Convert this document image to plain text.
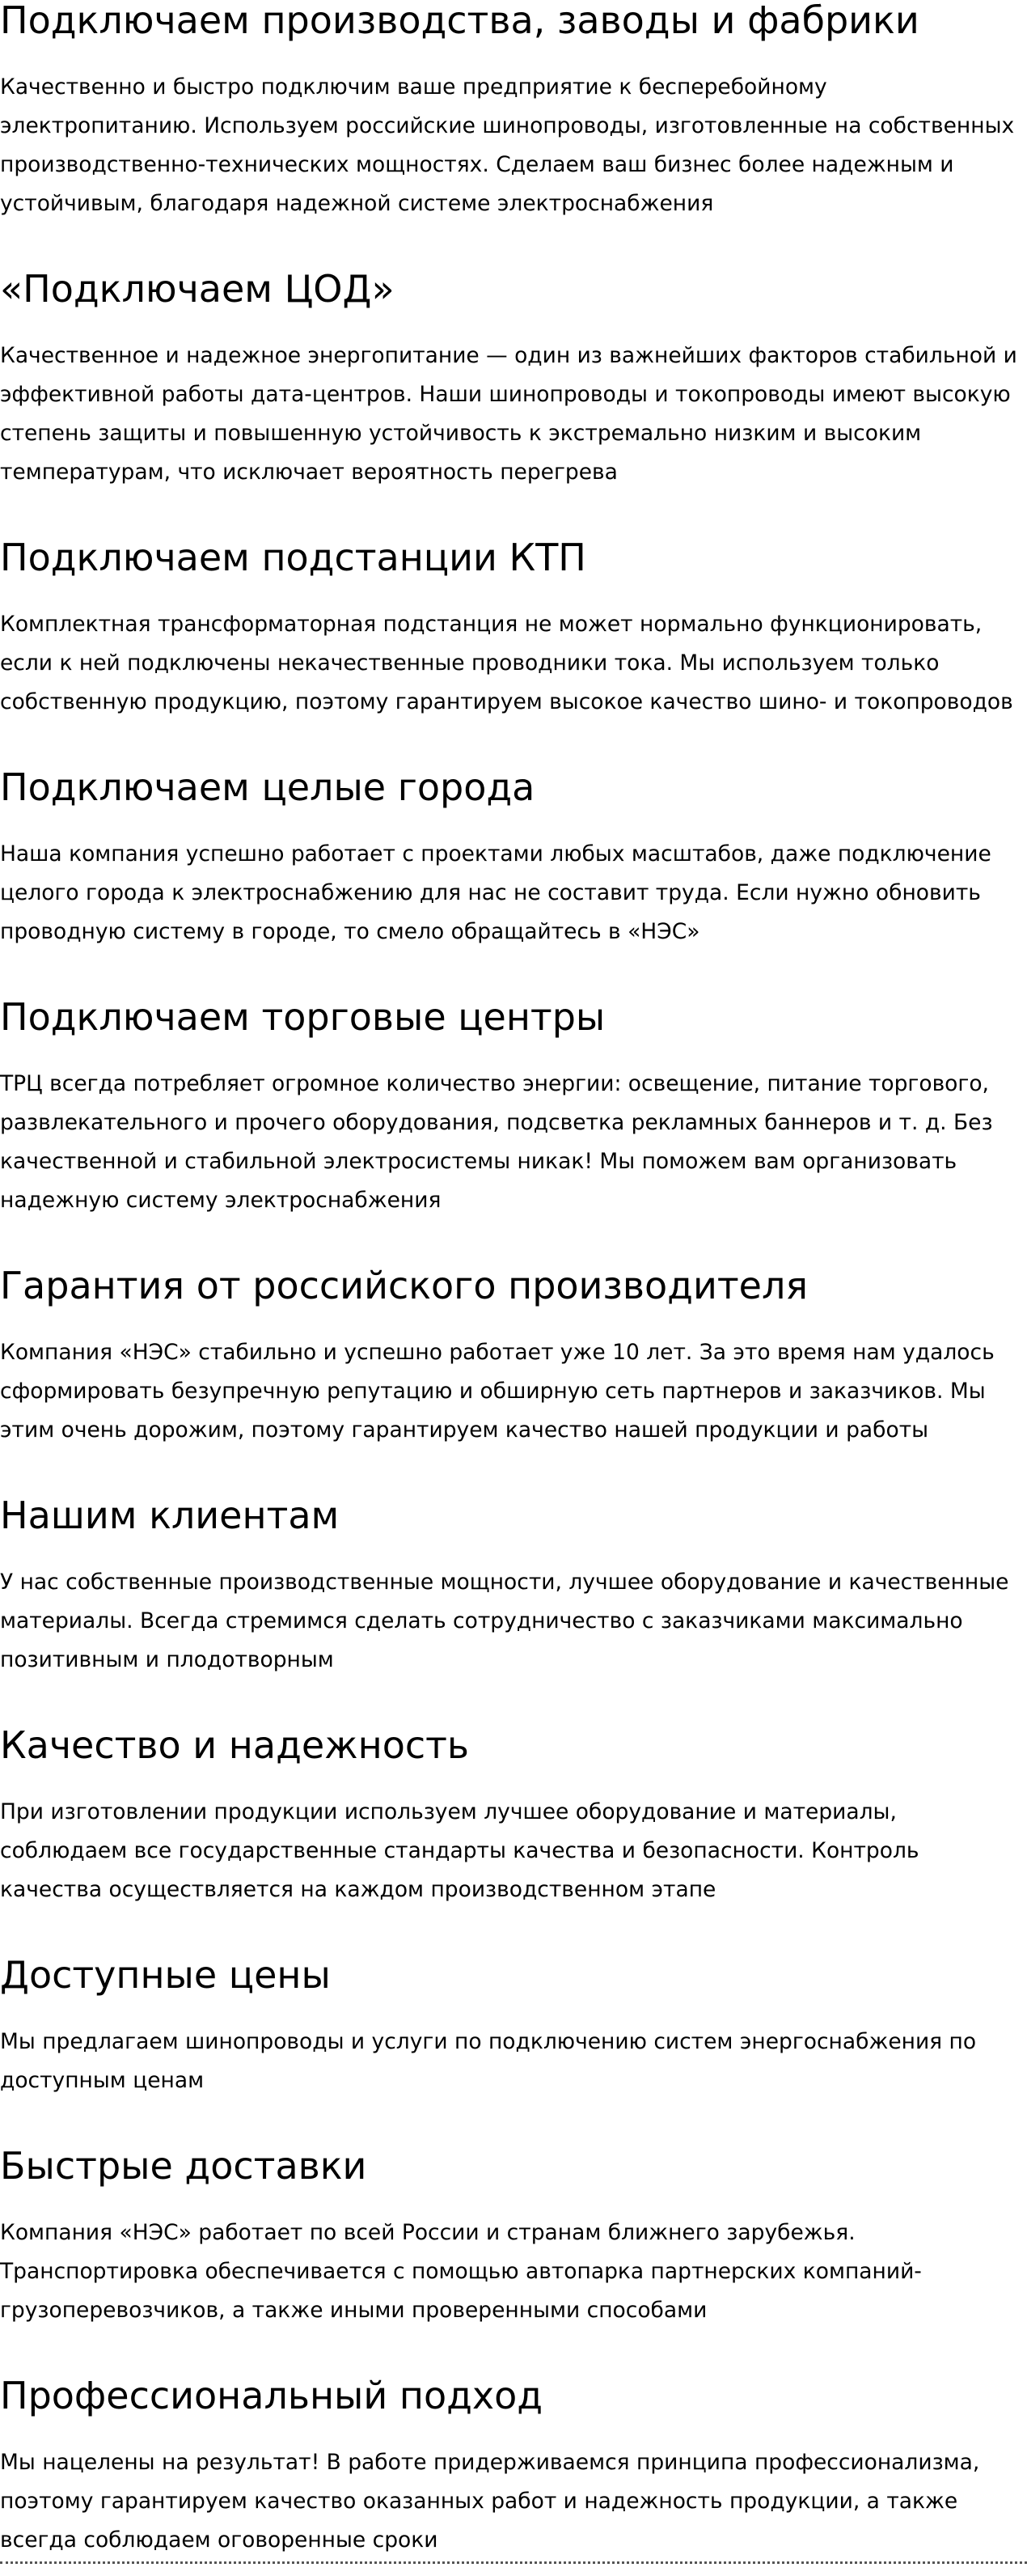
Подключаем производства, заводы и фабрики

Качественно и быстро подключим ваше предприятие к бесперебойному электропитанию. Используем российские шинопроводы, изготовленные на собственных производственно-технических мощностях. Сделаем ваш бизнес более надежным и устойчивым, благодаря надежной системе электроснабжения

«Подключаем ЦОД»

Качественное и надежное энергопитание — один из важнейших факторов стабильной и эффективной работы дата-центров. Наши шинопроводы и токопроводы имеют высокую степень защиты и повышенную устойчивость к экстремально низким и высоким температурам, что исключает вероятность перегрева

Подключаем подстанции КТП

Комплектная трансформаторная подстанция не может нормально функционировать, если к ней подключены некачественные проводники тока. Мы используем только собственную продукцию, поэтому гарантируем высокое качество шино- и токопроводов

Подключаем целые города

Наша компания успешно работает с проектами любых масштабов, даже подключение целого города к электроснабжению для нас не составит труда. Если нужно обновить проводную систему в городе, то смело обращайтесь в «НЭС»

Подключаем торговые центры

ТРЦ всегда потребляет огромное количество энергии: освещение, питание торгового, развлекательного и прочего оборудования, подсветка рекламных баннеров и т. д. Без качественной и стабильной электросистемы никак! Мы поможем вам организовать надежную систему электроснабжения

Гарантия от российского производителя

Компания «НЭС» стабильно и успешно работает уже 10 лет. За это время нам удалось сформировать безупречную репутацию и обширную сеть партнеров и заказчиков. Мы этим очень дорожим, поэтому гарантируем качество нашей продукции и работы

Нашим клиентам

У нас собственные производственные мощности, лучшее оборудование и качественные материалы. Всегда стремимся сделать сотрудничество с заказчиками максимально позитивным и плодотворным

Качество и надежность

При изготовлении продукции используем лучшее оборудование и материалы, соблюдаем все государственные стандарты качества и безопасности. Контроль качества осуществляется на каждом производственном этапе

Доступные цены

Мы предлагаем шинопроводы и услуги по подключению систем энергоснабжения по доступным ценам

Быстрые доставки

Компания «НЭС» работает по всей России и странам ближнего зарубежья. Транспортировка обеспечивается с помощью автопарка партнерских компаний-грузоперевозчиков, а также иными проверенными способами

Профессиональный подход

Мы нацелены на результат! В работе придерживаемся принципа профессионализма, поэтому гарантируем качество оказанных работ и надежность продукции, а также всегда соблюдаем оговоренные сроки
